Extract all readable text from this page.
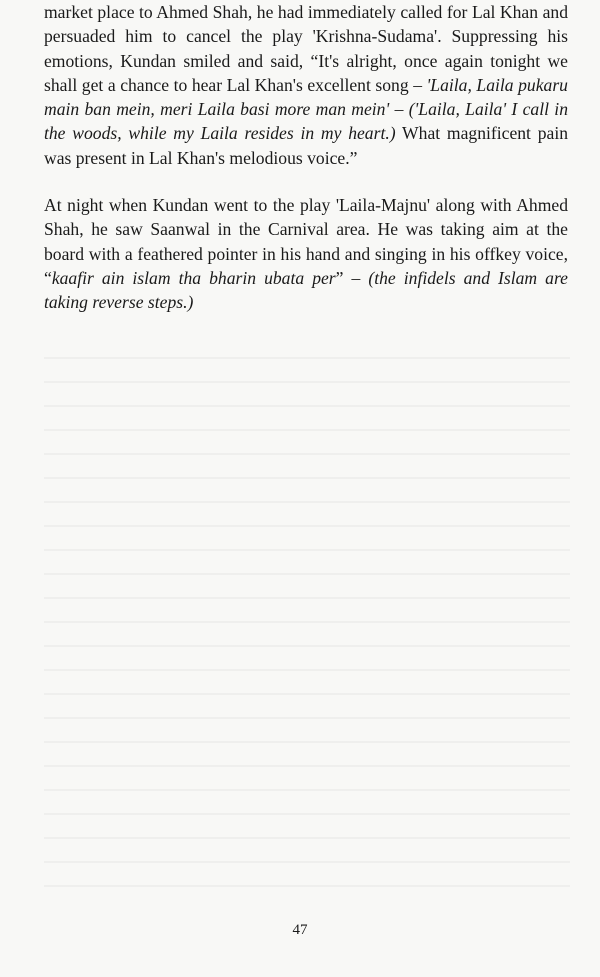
market place to Ahmed Shah, he had immediately called for Lal Khan and persuaded him to cancel the play 'Krishna-Sudama'. Suppressing his emotions, Kundan smiled and said, “It's alright, once again tonight we shall get a chance to hear Lal Khan's excellent song – 'Laila, Laila pukaru main ban mein, meri Laila basi more man mein' – ('Laila, Laila' I call in the woods, while my Laila resides in my heart.) What magnificent pain was present in Lal Khan's melodious voice.”

At night when Kundan went to the play 'Laila-Majnu' along with Ahmed Shah, he saw Saanwal in the Carnival area. He was taking aim at the board with a feathered pointer in his hand and singing in his offkey voice, “kaafir ain islam tha bharin ubata per” – (the infidels and Islam are taking reverse steps.)

47
